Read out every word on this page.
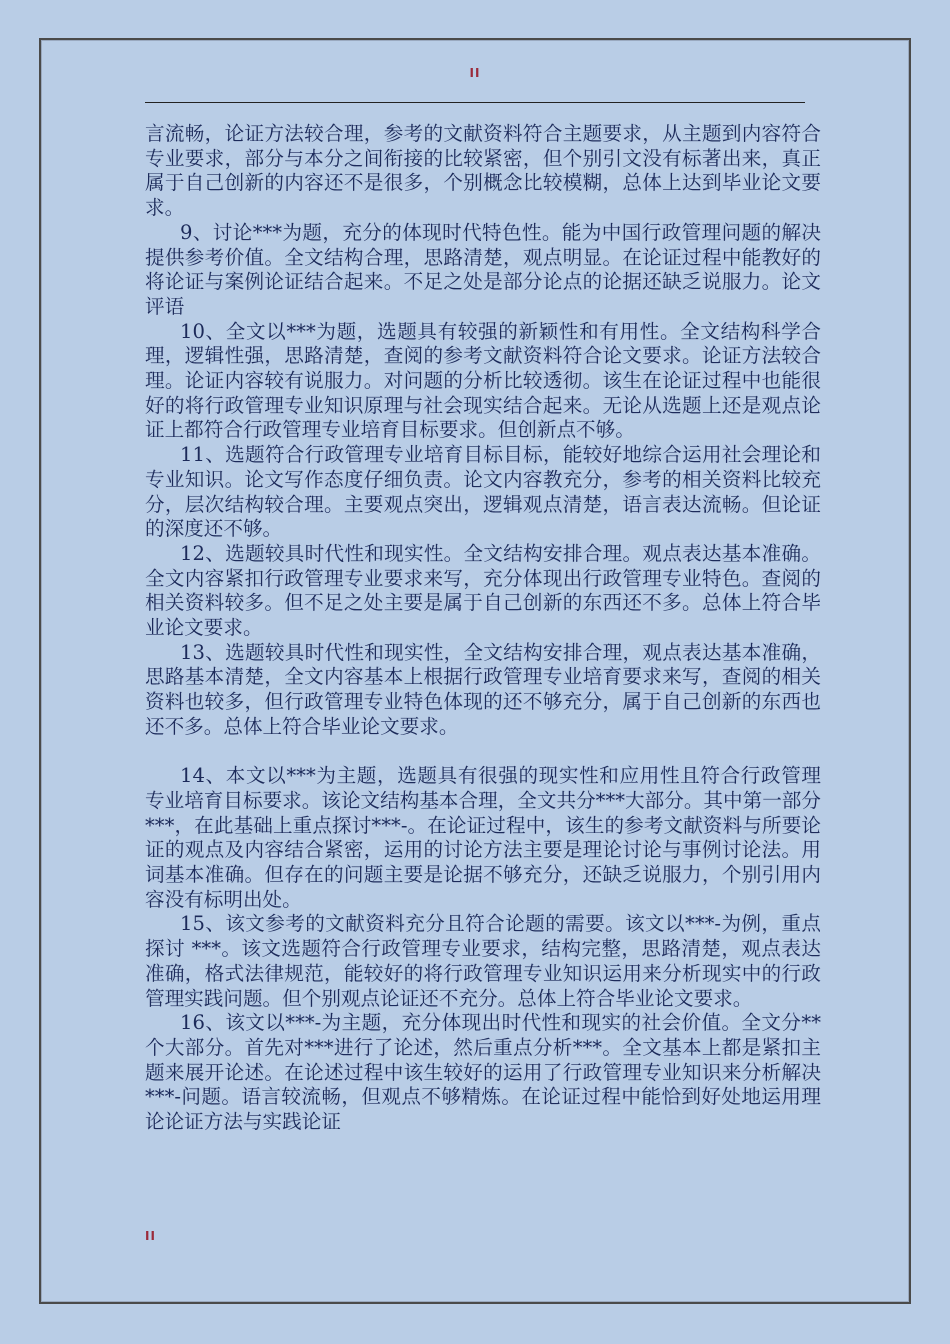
II

言流畅，论证方法较合理，参考的文献资料符合主题要求，从主题到内容符合专业要求，部分与本分之间衔接的比较紧密，但个别引文没有标著出来，真正属于自己创新的内容还不是很多，个别概念比较模糊，总体上达到毕业论文要求。

9、讨论***为题，充分的体现时代特色性。能为中国行政管理问题的解决提供参考价值。全文结构合理，思路清楚，观点明显。在论证过程中能教好的将论证与案例论证结合起来。不足之处是部分论点的论据还缺乏说服力。论文评语

10、全文以***为题，选题具有较强的新颖性和有用性。全文结构科学合理，逻辑性强，思路清楚，查阅的参考文献资料符合论文要求。论证方法较合理。论证内容较有说服力。对问题的分析比较透彻。该生在论证过程中也能很好的将行政管理专业知识原理与社会现实结合起来。无论从选题上还是观点论证上都符合行政管理专业培育目标要求。但创新点不够。

11、选题符合行政管理专业培育目标目标，能较好地综合运用社会理论和专业知识。论文写作态度仔细负责。论文内容教充分，参考的相关资料比较充分，层次结构较合理。主要观点突出，逻辑观点清楚，语言表达流畅。但论证的深度还不够。

12、选题较具时代性和现实性。全文结构安排合理。观点表达基本准确。全文内容紧扣行政管理专业要求来写，充分体现出行政管理专业特色。查阅的相关资料较多。但不足之处主要是属于自己创新的东西还不多。总体上符合毕业论文要求。

13、选题较具时代性和现实性，全文结构安排合理，观点表达基本准确，思路基本清楚，全文内容基本上根据行政管理专业培育要求来写，查阅的相关资料也较多，但行政管理专业特色体现的还不够充分，属于自己创新的东西也还不多。总体上符合毕业论文要求。

14、本文以***为主题，选题具有很强的现实性和应用性且符合行政管理专业培育目标要求。该论文结构基本合理，全文共分***大部分。其中第一部分***，在此基础上重点探讨***-。在论证过程中，该生的参考文献资料与所要论证的观点及内容结合紧密，运用的讨论方法主要是理论讨论与事例讨论法。用词基本准确。但存在的问题主要是论据不够充分，还缺乏说服力，个别引用内容没有标明出处。

15、该文参考的文献资料充分且符合论题的需要。该文以***-为例，重点探讨 ***。该文选题符合行政管理专业要求，结构完整，思路清楚，观点表达准确，格式法律规范，能较好的将行政管理专业知识运用来分析现实中的行政管理实践问题。但个别观点论证还不充分。总体上符合毕业论文要求。

16、该文以***-为主题，充分体现出时代性和现实的社会价值。全文分**个大部分。首先对***进行了论述，然后重点分析***。全文基本上都是紧扣主题来展开论述。在论述过程中该生较好的运用了行政管理专业知识来分析解决***-问题。语言较流畅，但观点不够精炼。在论证过程中能恰到好处地运用理论论证方法与实践论证

II
